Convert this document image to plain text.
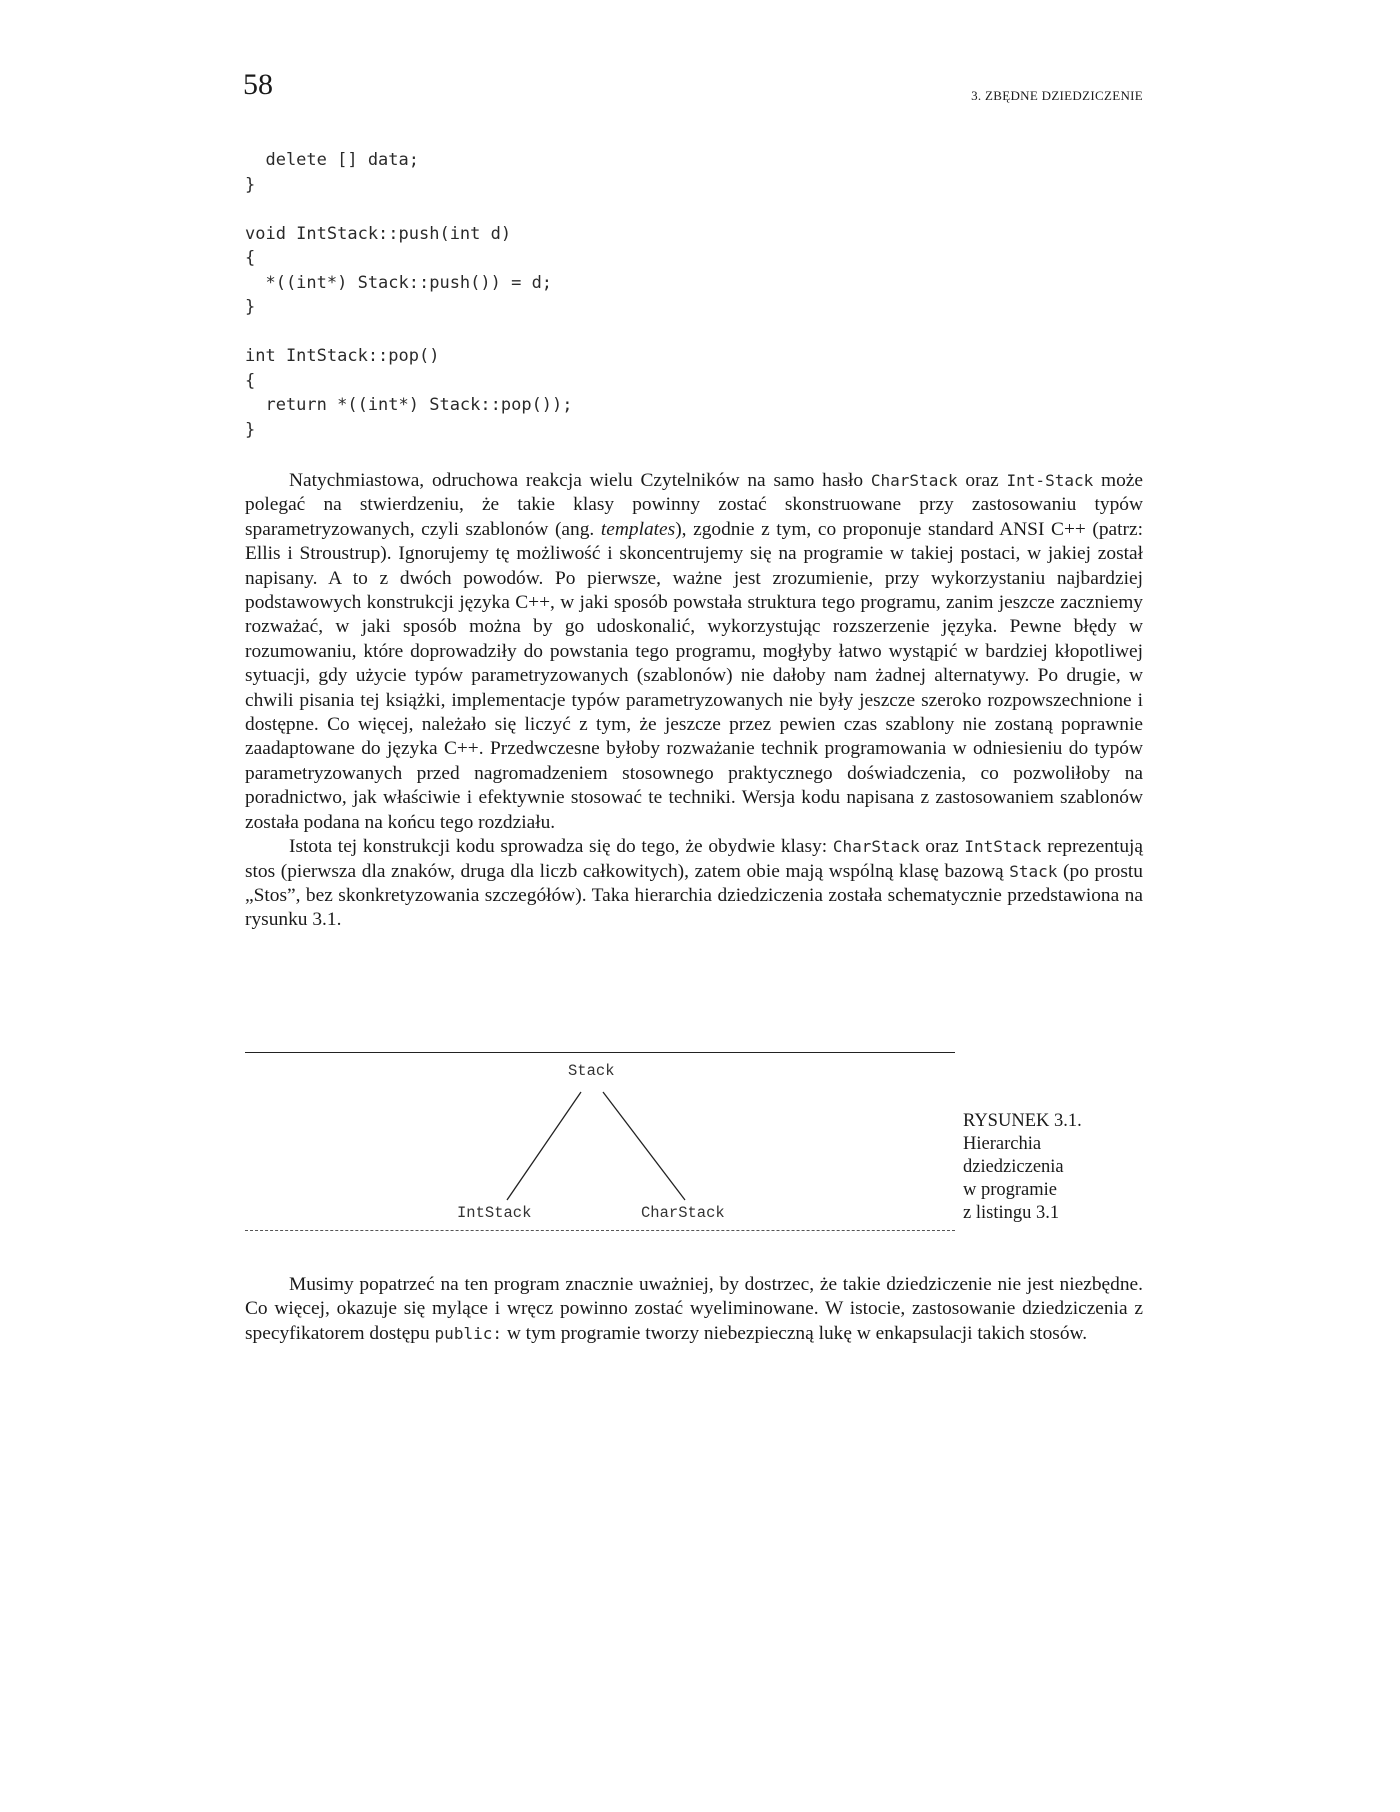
58	3. ZBĘDNE DZIEDZICZENIE
delete [] data;
}
void IntStack::push(int d)
{
*((int*) Stack::push()) = d;
}
int IntStack::pop()
{
return *((int*) Stack::pop());
}

Natychmiastowa, odruchowa reakcja wielu Czytelników na samo hasło CharStack oraz Int-Stack może polegać na stwierdzeniu, że takie klasy powinny zostać skonstruowane przy zastosowaniu typów sparametryzowanych, czyli szablonów (ang. templates), zgodnie z tym, co proponuje standard ANSI C++ (patrz: Ellis i Stroustrup). Ignorujemy tę możliwość i skoncentrujemy się na programie w takiej postaci, w jakiej został napisany. A to z dwóch powodów. Po pierwsze, ważne jest zrozumienie, przy wykorzystaniu najbardziej podstawowych konstrukcji języka C++, w jaki sposób powstała struktura tego programu, zanim jeszcze zaczniemy rozważać, w jaki sposób można by go udoskonalić, wykorzystując rozszerzenie języka. Pewne błędy w rozumowaniu, które doprowadziły do powstania tego programu, mogłyby łatwo wystąpić w bardziej kłopotliwej sytuacji, gdy użycie typów parametryzowanych (szablonów) nie dałoby nam żadnej alternatywy. Po drugie, w chwili pisania tej książki, implementacje typów parametryzowanych nie były jeszcze szeroko rozpowszechnione i dostępne. Co więcej, należało się liczyć z tym, że jeszcze przez pewien czas szablony nie zostaną poprawnie zaadaptowane do języka C++. Przedwczesne byłoby rozważanie technik programowania w odniesieniu do typów parametryzowanych przed nagromadzeniem stosownego praktycznego doświadczenia, co pozwoliłoby na poradnictwo, jak właściwie i efektywnie stosować te techniki. Wersja kodu napisana z zastosowaniem szablonów została podana na końcu tego rozdziału.

Istota tej konstrukcji kodu sprowadza się do tego, że obydwie klasy: CharStack oraz IntStack reprezentują stos (pierwsza dla znaków, druga dla liczb całkowitych), zatem obie mają wspólną klasę bazową Stack (po prostu „Stos”, bez skonkretyzowania szczegółów). Taka hierarchia dziedziczenia została schematycznie przedstawiona na rysunku 3.1.

Stack
IntStack	CharStack
RYSUNEK 3.1.
Hierarchia
dziedziczenia
w programie
z listingu 3.1

Musimy popatrzeć na ten program znacznie uważniej, by dostrzec, że takie dziedziczenie nie jest niezbędne. Co więcej, okazuje się mylące i wręcz powinno zostać wyeliminowane. W istocie, zastosowanie dziedziczenia z specyfikatorem dostępu public: w tym programie tworzy niebezpieczną lukę w enkapsulacji takich stosów.
